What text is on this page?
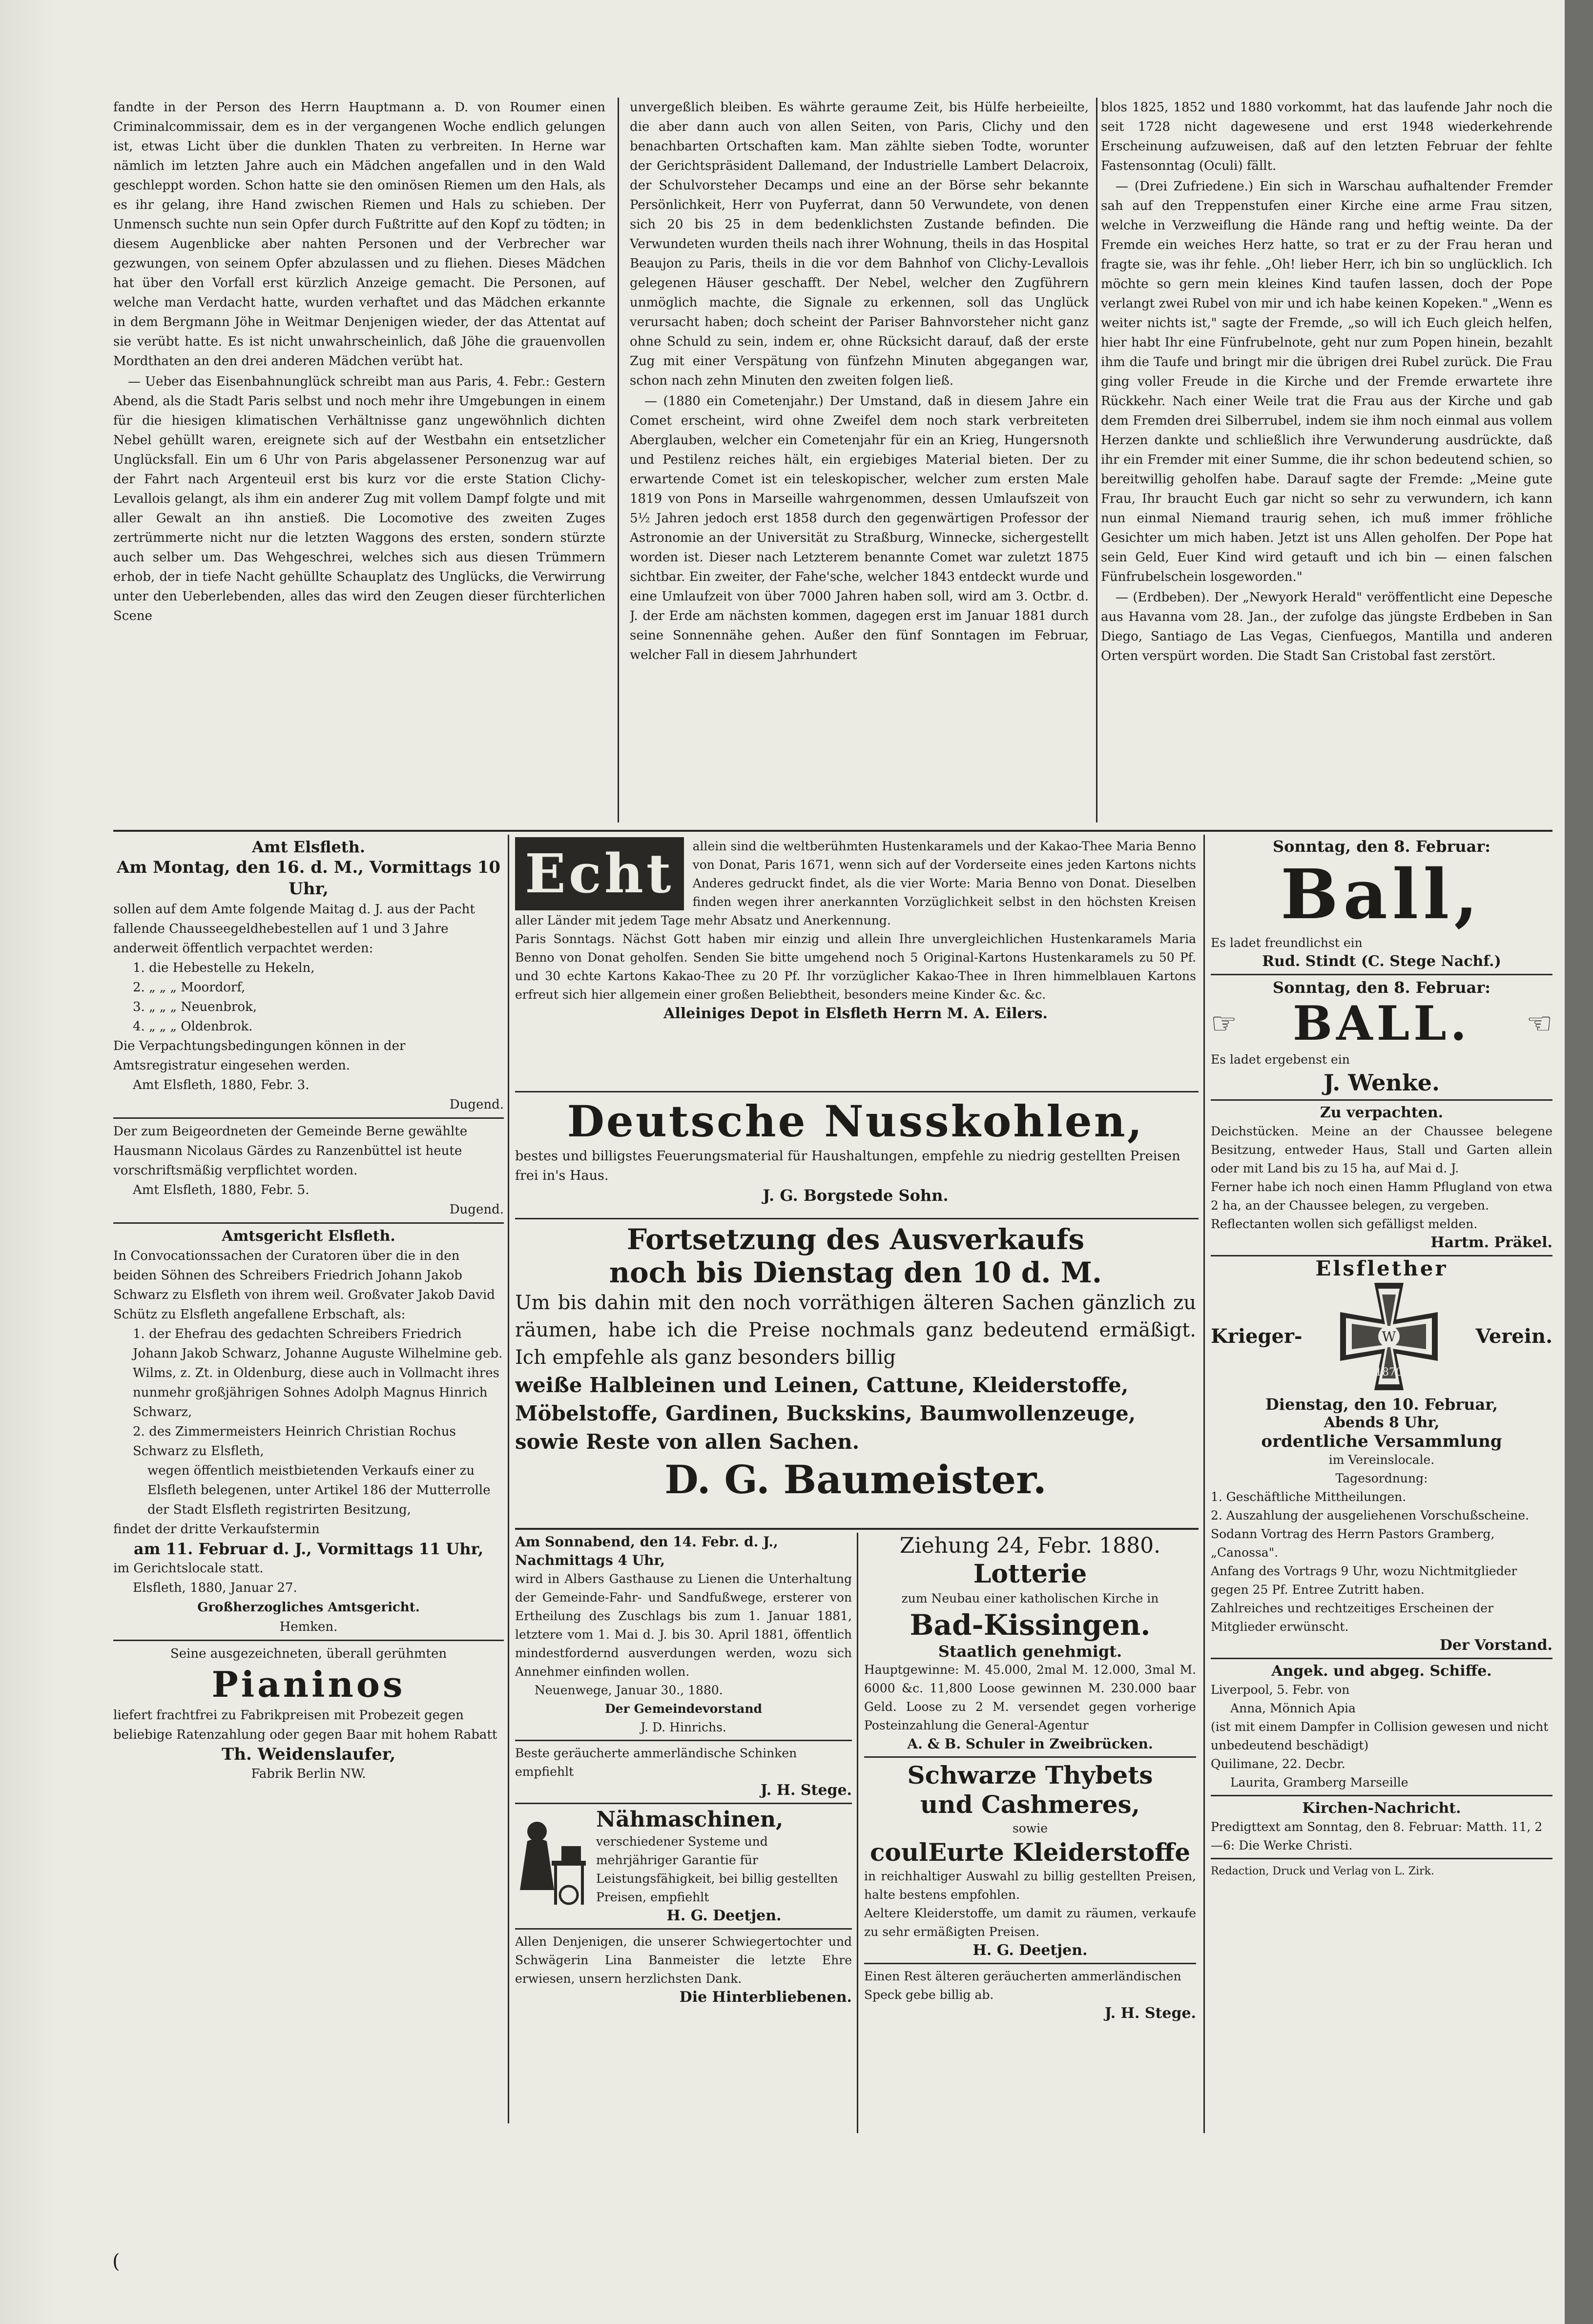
fandte in der Person des Herrn Hauptmann a. D. von Roumer einen Criminalcommissair, dem es in der vergangenen Woche endlich gelungen ist, etwas Licht über die dunklen Thaten zu verbreiten. In Herne war nämlich im letzten Jahre auch ein Mädchen angefallen und in den Wald geschleppt worden. Schon hatte sie den ominösen Riemen um den Hals, als es ihr gelang, ihre Hand zwischen Riemen und Hals zu schieben. Der Unmensch suchte nun sein Opfer durch Fußtritte auf den Kopf zu tödten; in diesem Augenblicke aber nahten Personen und der Verbrecher war gezwungen, von seinem Opfer abzulassen und zu fliehen. Dieses Mädchen hat über den Vorfall erst kürzlich Anzeige gemacht. Die Personen, auf welche man Verdacht hatte, wurden verhaftet und das Mädchen erkannte in dem Bergmann Jöhe in Weitmar Denjenigen wieder, der das Attentat auf sie verübt hatte. Es ist nicht unwahrscheinlich, daß Jöhe die grauenvollen Mordthaten an den drei anderen Mädchen verübt hat.

— Ueber das Eisenbahnunglück schreibt man aus Paris, 4. Febr.: Gestern Abend, als die Stadt Paris selbst und noch mehr ihre Umgebungen in einem für die hiesigen klimatischen Verhältnisse ganz ungewöhnlich dichten Nebel gehüllt waren, ereignete sich auf der Westbahn ein entsetzlicher Unglücksfall. Ein um 6 Uhr von Paris abgelassener Personenzug war auf der Fahrt nach Argenteuil erst bis kurz vor die erste Station Clichy-Levallois gelangt, als ihm ein anderer Zug mit vollem Dampf folgte und mit aller Gewalt an ihn anstieß. Die Locomotive des zweiten Zuges zertrümmerte nicht nur die letzten Waggons des ersten, sondern stürzte auch selber um. Das Wehgeschrei, welches sich aus diesen Trümmern erhob, der in tiefe Nacht gehüllte Schauplatz des Unglücks, die Verwirrung unter den Ueberlebenden, alles das wird den Zeugen dieser fürchterlichen Scene

unvergeßlich bleiben. Es währte geraume Zeit, bis Hülfe herbeieilte, die aber dann auch von allen Seiten, von Paris, Clichy und den benachbarten Ortschaften kam. Man zählte sieben Todte, worunter der Gerichtspräsident Dallemand, der Industrielle Lambert Delacroix, der Schulvorsteher Decamps und eine an der Börse sehr bekannte Persönlichkeit, Herr von Puyferrat, dann 50 Verwundete, von denen sich 20 bis 25 in dem bedenklichsten Zustande befinden. Die Verwundeten wurden theils nach ihrer Wohnung, theils in das Hospital Beaujon zu Paris, theils in die vor dem Bahnhof von Clichy-Levallois gelegenen Häuser geschafft. Der Nebel, welcher den Zugführern unmöglich machte, die Signale zu erkennen, soll das Unglück verursacht haben; doch scheint der Pariser Bahnvorsteher nicht ganz ohne Schuld zu sein, indem er, ohne Rücksicht darauf, daß der erste Zug mit einer Verspätung von fünfzehn Minuten abgegangen war, schon nach zehn Minuten den zweiten folgen ließ.

— (1880 ein Cometenjahr.) Der Umstand, daß in diesem Jahre ein Comet erscheint, wird ohne Zweifel dem noch stark verbreiteten Aberglauben, welcher ein Cometenjahr für ein an Krieg, Hungersnoth und Pestilenz reiches hält, ein ergiebiges Material bieten. Der zu erwartende Comet ist ein teleskopischer, welcher zum ersten Male 1819 von Pons in Marseille wahrgenommen, dessen Umlaufszeit von 5½ Jahren jedoch erst 1858 durch den gegenwärtigen Professor der Astronomie an der Universität zu Straßburg, Winnecke, sichergestellt worden ist. Dieser nach Letzterem benannte Comet war zuletzt 1875 sichtbar. Ein zweiter, der Fahe'sche, welcher 1843 entdeckt wurde und eine Umlaufzeit von über 7000 Jahren haben soll, wird am 3. Octbr. d. J. der Erde am nächsten kommen, dagegen erst im Januar 1881 durch seine Sonnennähe gehen. Außer den fünf Sonntagen im Februar, welcher Fall in diesem Jahrhundert

blos 1825, 1852 und 1880 vorkommt, hat das laufende Jahr noch die seit 1728 nicht dagewesene und erst 1948 wiederkehrende Erscheinung aufzuweisen, daß auf den letzten Februar der fehlte Fastensonntag (Oculi) fällt.

— (Drei Zufriedene.) Ein sich in Warschau aufhaltender Fremder sah auf den Treppenstufen einer Kirche eine arme Frau sitzen, welche in Verzweiflung die Hände rang und heftig weinte. Da der Fremde ein weiches Herz hatte, so trat er zu der Frau heran und fragte sie, was ihr fehle. „Oh! lieber Herr, ich bin so unglücklich. Ich möchte so gern mein kleines Kind taufen lassen, doch der Pope verlangt zwei Rubel von mir und ich habe keinen Kopeken." „Wenn es weiter nichts ist," sagte der Fremde, „so will ich Euch gleich helfen, hier habt Ihr eine Fünfrubelnote, geht nur zum Popen hinein, bezahlt ihm die Taufe und bringt mir die übrigen drei Rubel zurück. Die Frau ging voller Freude in die Kirche und der Fremde erwartete ihre Rückkehr. Nach einer Weile trat die Frau aus der Kirche und gab dem Fremden drei Silberrubel, indem sie ihm noch einmal aus vollem Herzen dankte und schließlich ihre Verwunderung ausdrückte, daß ihr ein Fremder mit einer Summe, die ihr schon bedeutend schien, so bereitwillig geholfen habe. Darauf sagte der Fremde: „Meine gute Frau, Ihr braucht Euch gar nicht so sehr zu verwundern, ich kann nun einmal Niemand traurig sehen, ich muß immer fröhliche Gesichter um mich haben. Jetzt ist uns Allen geholfen. Der Pope hat sein Geld, Euer Kind wird getauft und ich bin — einen falschen Fünfrubelschein losgeworden."

— (Erdbeben). Der „Newyork Herald" veröffentlicht eine Depesche aus Havanna vom 28. Jan., der zufolge das jüngste Erdbeben in San Diego, Santiago de Las Vegas, Cienfuegos, Mantilla und anderen Orten verspürt worden. Die Stadt San Cristobal fast zerstört.

Amt Elsfleth.
Am Montag, den 16. d. M., Vormittags 10 Uhr,
sollen auf dem Amte folgende Maitag d. J. aus der Pacht fallende Chausseegeldhebestellen auf 1 und 3 Jahre anderweit öffentlich verpachtet werden:
1. die Hebestelle zu Hekeln,
2. „ „ „ Moordorf,
3. „ „ „ Neuenbrok,
4. „ „ „ Oldenbrok.
Die Verpachtungsbedingungen können in der Amtsregistratur eingesehen werden.
Amt Elsfleth, 1880, Febr. 3.
Dugend.
Der zum Beigeordneten der Gemeinde Berne gewählte Hausmann Nicolaus Gärdes zu Ranzenbüttel ist heute vorschriftsmäßig verpflichtet worden.
Amt Elsfleth, 1880, Febr. 5.
Dugend.
Amtsgericht Elsfleth.
In Convocationssachen der Curatoren über die in den beiden Söhnen des Schreibers Friedrich Johann Jakob Schwarz zu Elsfleth von ihrem weil. Großvater Jakob David Schütz zu Elsfleth angefallene Erbschaft, als:
1. der Ehefrau des gedachten Schreibers Friedrich Johann Jakob Schwarz, Johanne Auguste Wilhelmine geb. Wilms, z. Zt. in Oldenburg, diese auch in Vollmacht ihres nunmehr großjährigen Sohnes Adolph Magnus Hinrich Schwarz,
2. des Zimmermeisters Heinrich Christian Rochus Schwarz zu Elsfleth,
wegen öffentlich meistbietenden Verkaufs einer zu Elsfleth belegenen, unter Artikel 186 der Mutterrolle der Stadt Elsfleth registrirten Besitzung,
findet der dritte Verkaufstermin
am 11. Februar d. J., Vormittags 11 Uhr,
im Gerichtslocale statt.
Elsfleth, 1880, Januar 27.
Großherzogliches Amtsgericht.
Hemken.
Seine ausgezeichneten, überall gerühmten
Pianinos
liefert frachtfrei zu Fabrikpreisen mit Probezeit gegen beliebige Ratenzahlung oder gegen Baar mit hohem Rabatt
Th. Weidenslaufer,
Fabrik Berlin NW.
Echt	allein sind die weltberühmten Hustenkaramels und der Kakao-Thee Maria Benno von Donat, Paris 1671, wenn sich auf der Vorderseite eines jeden Kartons nichts Anderes gedruckt findet, als die vier Worte: Maria Benno von Donat. Dieselben finden wegen ihrer anerkannten Vorzüglichkeit selbst in den höchsten Kreisen aller Länder mit jedem Tage mehr Absatz und Anerkennung.
Paris Sonntags. Nächst Gott haben mir einzig und allein Ihre unvergleichlichen Hustenkaramels Maria Benno von Donat geholfen. Senden Sie bitte umgehend noch 5 Original-Kartons Hustenkaramels zu 50 Pf. und 30 echte Kartons Kakao-Thee zu 20 Pf. Ihr vorzüglicher Kakao-Thee in Ihren himmelblauen Kartons erfreut sich hier allgemein einer großen Beliebtheit, besonders meine Kinder &c. &c.
Alleiniges Depot in Elsfleth Herrn M. A. Eilers.
Deutsche Nusskohlen,
bestes und billigstes Feuerungsmaterial für Haushaltungen, empfehle zu niedrig gestellten Preisen frei in's Haus.
J. G. Borgstede Sohn.
Fortsetzung des Ausverkaufs
noch bis Dienstag den 10 d. M.
Um bis dahin mit den noch vorräthigen älteren Sachen gänzlich zu räumen, habe ich die Preise nochmals ganz bedeutend ermäßigt. Ich empfehle als ganz besonders billig
weiße Halbleinen und Leinen, Cattune, Kleiderstoffe, Möbelstoffe, Gardinen, Buckskins, Baumwollenzeuge, sowie Reste von allen Sachen.
D. G. Baumeister.
Am Sonnabend, den 14. Febr. d. J., Nachmittags 4 Uhr,
wird in Albers Gasthause zu Lienen die Unterhaltung der Gemeinde-Fahr- und Sandfußwege, ersterer von Ertheilung des Zuschlags bis zum 1. Januar 1881, letztere vom 1. Mai d. J. bis 30. April 1881, öffentlich mindestfordernd ausverdungen werden, wozu sich Annehmer einfinden wollen.
Neuenwege, Januar 30., 1880.
Der Gemeindevorstand
J. D. Hinrichs.
Beste geräucherte ammerländische Schinken empfiehlt
J. H. Stege.
Nähmaschinen,
verschiedener Systeme und mehrjähriger Garantie für Leistungsfähigkeit, bei billig gestellten Preisen, empfiehlt
H. G. Deetjen.
Allen Denjenigen, die unserer Schwiegertochter und Schwägerin Lina Banmeister die letzte Ehre erwiesen, unsern herzlichsten Dank.
Die Hinterbliebenen.
Ziehung 24, Febr. 1880.
Lotterie
zum Neubau einer katholischen Kirche in
Bad-Kissingen.
Staatlich genehmigt.
Hauptgewinne: M. 45.000, 2mal M. 12.000, 3mal M. 6000 &c. 11,800 Loose gewinnen M. 230.000 baar Geld. Loose zu 2 M. versendet gegen vorherige Posteinzahlung die General-Agentur
A. & B. Schuler in Zweibrücken.
Schwarze Thybets
und Cashmeres,
sowie
coulEurte Kleiderstoffe
in reichhaltiger Auswahl zu billig gestellten Preisen, halte bestens empfohlen.
Aeltere Kleiderstoffe, um damit zu räumen, verkaufe zu sehr ermäßigten Preisen.
H. G. Deetjen.
Einen Rest älteren geräucherten ammerländischen Speck gebe billig ab.
J. H. Stege.
Sonntag, den 8. Februar:
Ball,
Es ladet freundlichst ein
Rud. Stindt (C. Stege Nachf.)
Sonntag, den 8. Februar:
☞ BALL. ☜
Es ladet ergebenst ein
J. Wenke.
Zu verpachten.
Deichstücken. Meine an der Chaussee belegene Besitzung, entweder Haus, Stall und Garten allein oder mit Land bis zu 15 ha, auf Mai d. J.
Ferner habe ich noch einen Hamm Pflugland von etwa 2 ha, an der Chaussee belegen, zu vergeben.
Reflectanten wollen sich gefälligst melden.
Hartm. Präkel.
Elsflether
Krieger-	W
1870
Verein.
Dienstag, den 10. Februar,
Abends 8 Uhr,
ordentliche Versammlung
im Vereinslocale.
Tagesordnung:
1. Geschäftliche Mittheilungen.
2. Auszahlung der ausgeliehenen Vorschußscheine.
Sodann Vortrag des Herrn Pastors Gramberg, „Canossa".
Anfang des Vortrags 9 Uhr, wozu Nichtmitglieder gegen 25 Pf. Entree Zutritt haben.
Zahlreiches und rechtzeitiges Erscheinen der Mitglieder erwünscht.
Der Vorstand.
Angek. und abgeg. Schiffe.
Liverpool, 5. Febr. von
Anna, Mönnich Apia
(ist mit einem Dampfer in Collision gewesen und nicht unbedeutend beschädigt)
Quilimane, 22. Decbr.
Laurita, Gramberg Marseille
Kirchen-Nachricht.
Predigttext am Sonntag, den 8. Februar: Matth. 11, 2—6: Die Werke Christi.
Redaction, Druck und Verlag von L. Zirk.
(
